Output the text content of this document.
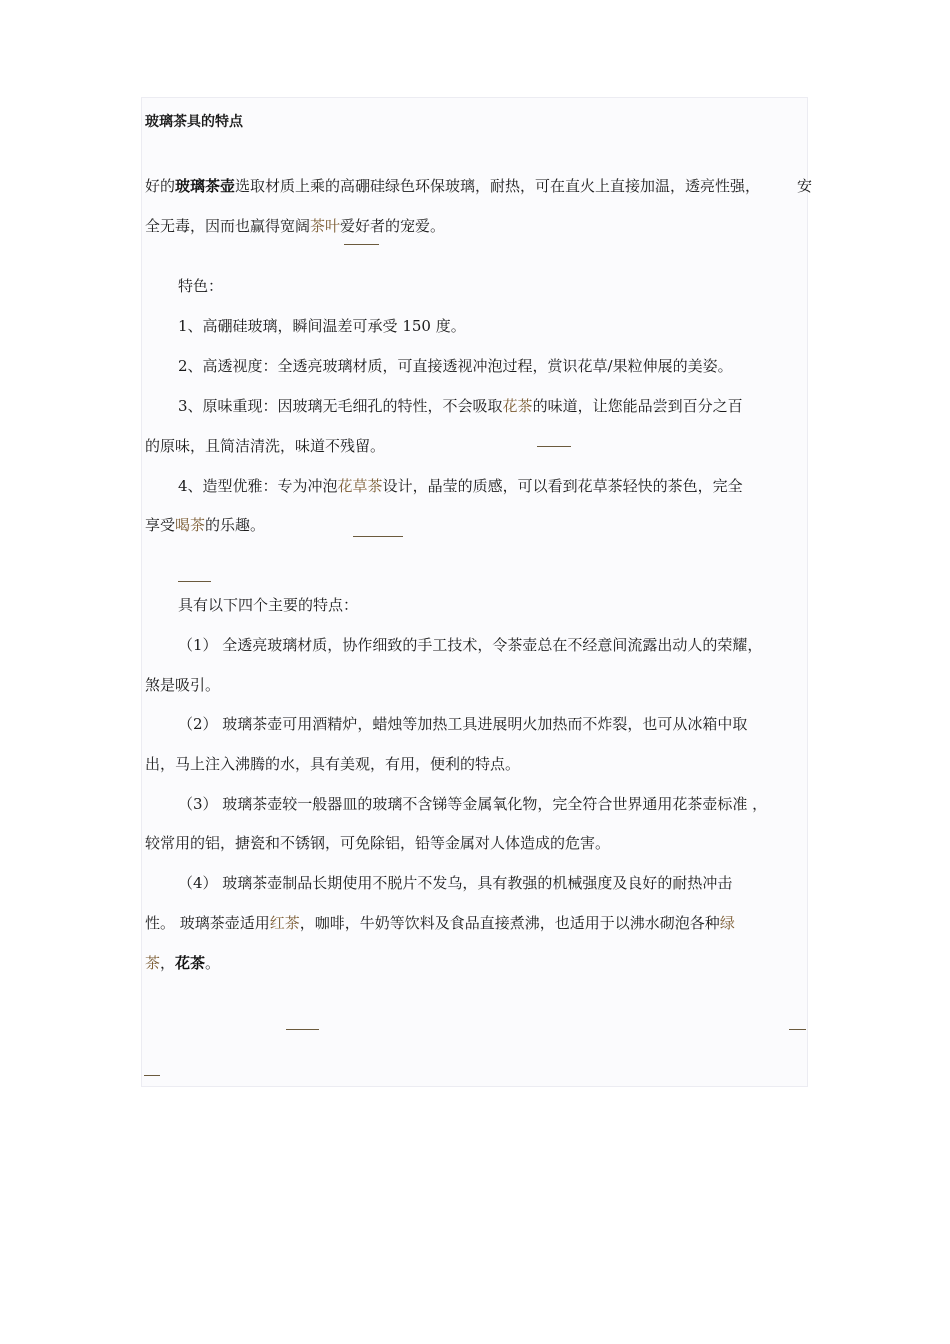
玻璃茶具的特点
好的玻璃茶壶选取材质上乘的高硼硅绿色环保玻璃，耐热，可在直火上直接加温，透亮性强， 安
全无毒，因而也赢得宽阔茶叶爱好者的宠爱。
特色：
1、高硼硅玻璃，瞬间温差可承受 150 度。
2、高透视度：全透亮玻璃材质，可直接透视冲泡过程，赏识花草/果粒伸展的美姿。
3、原味重现：因玻璃无毛细孔的特性，不会吸取花茶的味道，让您能品尝到百分之百
的原味，且简洁清洗，味道不残留。
4、造型优雅：专为冲泡花草茶设计，晶莹的质感，可以看到花草茶轻快的茶色，完全
享受喝茶的乐趣。
具有以下四个主要的特点：
（1） 全透亮玻璃材质，协作细致的手工技术，令茶壶总在不经意间流露出动人的荣耀，
煞是吸引。
（2） 玻璃茶壶可用酒精炉，蜡烛等加热工具进展明火加热而不炸裂，也可从冰箱中取
出，马上注入沸腾的水，具有美观，有用，便利的特点。
（3） 玻璃茶壶较一般器皿的玻璃不含锑等金属氧化物，完全符合世界通用花茶壶标准 ，
较常用的铝，搪瓷和不锈钢，可免除铝，铅等金属对人体造成的危害。
（4） 玻璃茶壶制品长期使用不脱片不发乌，具有教强的机械强度及良好的耐热冲击
性。 玻璃茶壶适用红茶，咖啡，牛奶等饮料及食品直接煮沸，也适用于以沸水砌泡各种绿
茶，花茶。
